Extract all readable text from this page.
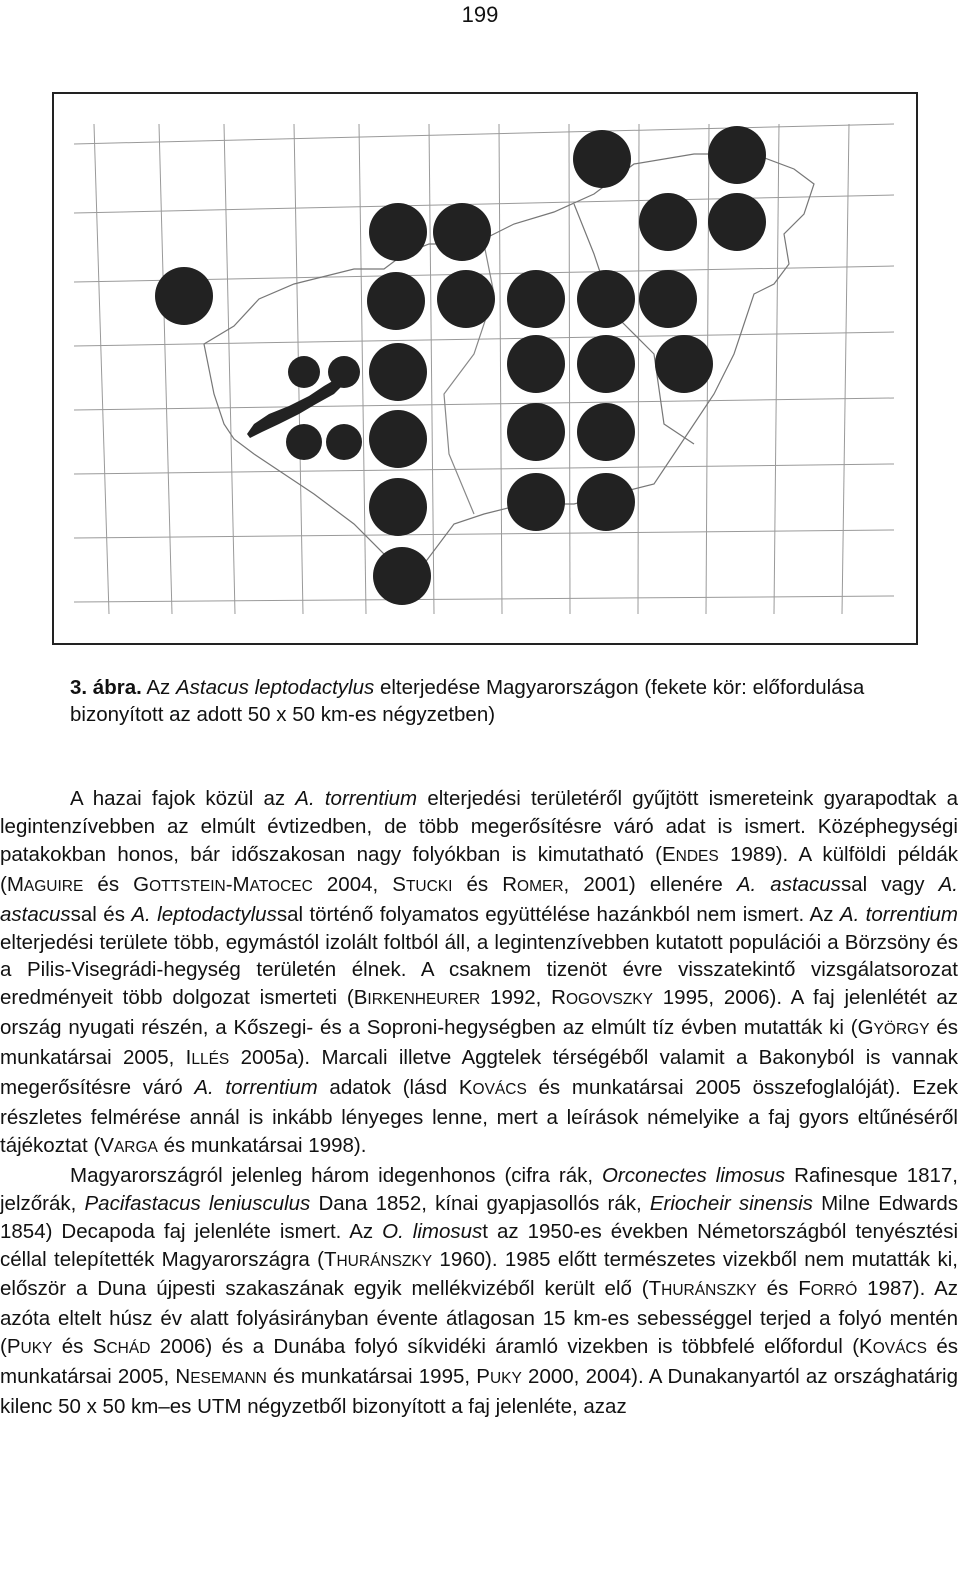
199
3. ábra. Az Astacus leptodactylus elterjedése Magyarországon (fekete kör: előfordulása bizonyított az adott 50 x 50 km-es négyzetben)

A hazai fajok közül az A. torrentium elterjedési területéről gyűjtött ismereteink gyarapodtak a legintenzívebben az elmúlt évtizedben, de több megerősítésre váró adat is ismert. Középhegységi patakokban honos, bár időszakosan nagy folyókban is kimutatható (ENDES 1989). A külföldi példák (MAGUIRE és GOTTSTEIN-MATOCEC 2004, STUCKI és ROMER, 2001) ellenére A. astacussal vagy A. astacussal és A. leptodactylussal történő folyamatos együttélése hazánkból nem ismert. Az A. torrentium elterjedési területe több, egymástól izolált foltból áll, a legintenzívebben kutatott populációi a Börzsöny és a Pilis-Visegrádi-hegység területén élnek. A csaknem tizenöt évre visszatekintő vizsgálatsorozat eredményeit több dolgozat ismerteti (BIRKENHEURER 1992, ROGOVSZKY 1995, 2006). A faj jelenlétét az ország nyugati részén, a Kőszegi- és a Soproni-hegységben az elmúlt tíz évben mutatták ki (GYÖRGY és munkatársai 2005, ILLÉS 2005a). Marcali illetve Aggtelek térségéből valamit a Bakonyból is vannak megerősítésre váró A. torrentium adatok (lásd KOVÁCS és munkatársai 2005 összefoglalóját). Ezek részletes felmérése annál is inkább lényeges lenne, mert a leírások némelyike a faj gyors eltűnéséről tájékoztat (VARGA és munkatársai 1998).

Magyarországról jelenleg három idegenhonos (cifra rák, Orconectes limosus Rafinesque 1817, jelzőrák, Pacifastacus leniusculus Dana 1852, kínai gyapjasollós rák, Eriocheir sinensis Milne Edwards 1854) Decapoda faj jelenléte ismert. Az O. limosust az 1950-es években Németországból tenyésztési céllal telepítették Magyarországra (THURÁNSZKY 1960). 1985 előtt természetes vizekből nem mutatták ki, először a Duna újpesti szakaszának egyik mellékvizéből került elő (THURÁNSZKY és FORRÓ 1987). Az azóta eltelt húsz év alatt folyásirányban évente átlagosan 15 km-es sebességgel terjed a folyó mentén (PUKY és SCHÁD 2006) és a Dunába folyó síkvidéki áramló vizekben is többfelé előfordul (KOVÁCS és munkatársai 2005, NESEMANN és munkatársai 1995, PUKY 2000, 2004). A Dunakanyartól az országhatárig kilenc 50 x 50 km–es UTM négyzetből bizonyított a faj jelenléte, azaz
